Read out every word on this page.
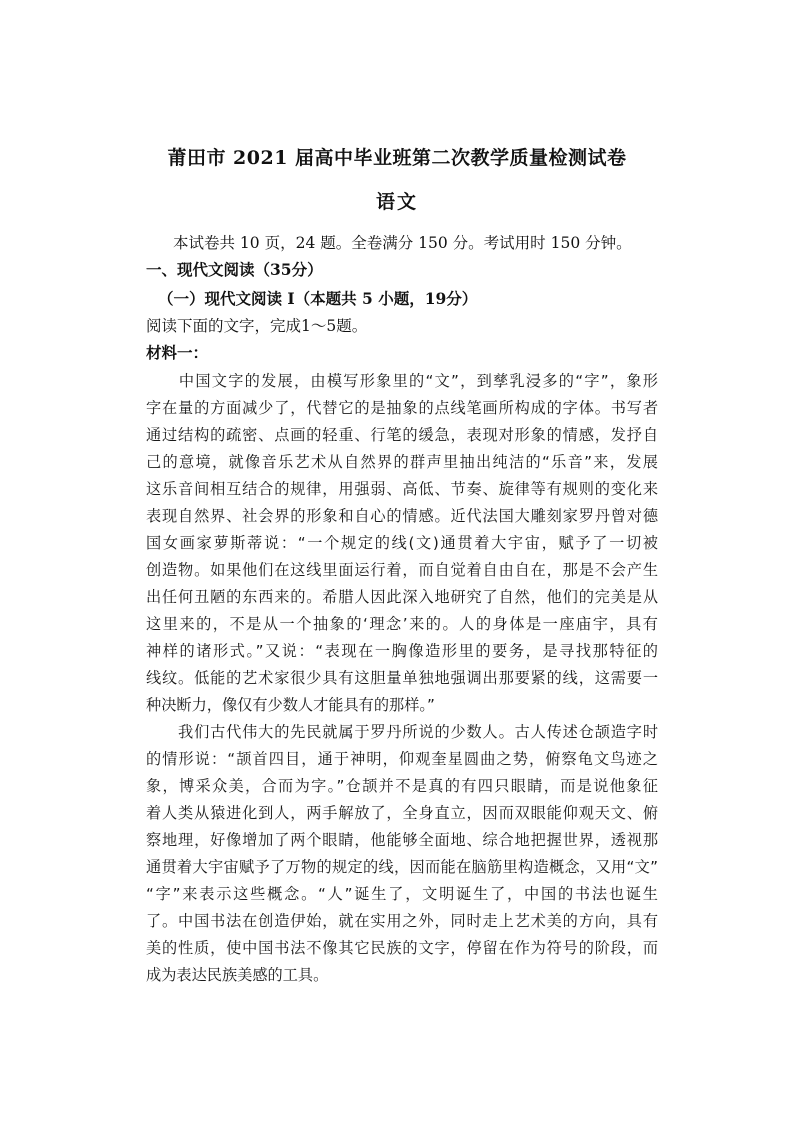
莆田市 2021 届高中毕业班第二次教学质量检测试卷
语文
本试卷共 10 页，24 题。全卷满分 150 分。考试用时 150 分钟。
一、现代文阅读（35分）
（一）现代文阅读 I（本题共 5 小题，19分）
阅读下面的文字，完成1～5题。
材料一：
　　中国文字的发展，由模写形象里的“文”，到孳乳浸多的“字”，象形
字在量的方面减少了，代替它的是抽象的点线笔画所构成的字体。书写者
通过结构的疏密、点画的轻重、行笔的缓急，表现对形象的情感，发抒自
己的意境，就像音乐艺术从自然界的群声里抽出纯洁的“乐音”来，发展
这乐音间相互结合的规律，用强弱、高低、节奏、旋律等有规则的变化来
表现自然界、社会界的形象和自心的情感。近代法国大雕刻家罗丹曾对德
国女画家萝斯蒂说：“一个规定的线(文)通贯着大宇宙，赋予了一切被
创造物。如果他们在这线里面运行着，而自觉着自由自在，那是不会产生
出任何丑陋的东西来的。希腊人因此深入地研究了自然，他们的完美是从
这里来的，不是从一个抽象的‘理念’来的。人的身体是一座庙宇，具有
神样的诸形式。”又说：“表现在一胸像造形里的要务，是寻找那特征的
线纹。低能的艺术家很少具有这胆量单独地强调出那要紧的线，这需要一
种决断力，像仅有少数人才能具有的那样。”
　　我们古代伟大的先民就属于罗丹所说的少数人。古人传述仓颉造字时
的情形说：“颉首四目，通于神明，仰观奎星圆曲之势，俯察龟文鸟迹之
象，博采众美，合而为字。”仓颉并不是真的有四只眼睛，而是说他象征
着人类从猿进化到人，两手解放了，全身直立，因而双眼能仰观天文、俯
察地理，好像增加了两个眼睛，他能够全面地、综合地把握世界，透视那
通贯着大宇宙赋予了万物的规定的线，因而能在脑筋里构造概念，又用“文”
“字”来表示这些概念。“人”诞生了，文明诞生了，中国的书法也诞生
了。中国书法在创造伊始，就在实用之外，同时走上艺术美的方向，具有
美的性质，使中国书法不像其它民族的文字，停留在作为符号的阶段，而
成为表达民族美感的工具。
